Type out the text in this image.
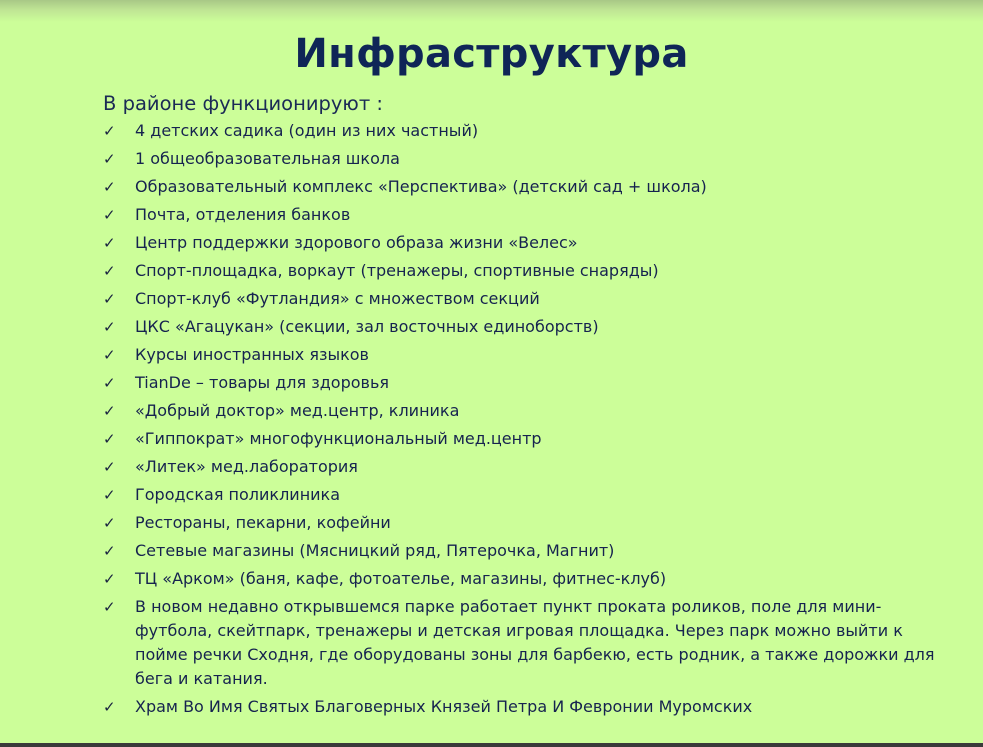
Инфраструктура
В районе функционируют :
✓ 4 детских садика (один из них частный)
✓ 1 общеобразовательная школа
✓ Образовательный комплекс «Перспектива» (детский сад + школа)
✓ Почта, отделения банков
✓ Центр поддержки здорового образа жизни «Велес»
✓ Спорт-площадка, воркаут (тренажеры, спортивные снаряды)
✓ Спорт-клуб «Футландия» с множеством секций
✓ ЦКС «Агацукан» (секции, зал восточных единоборств)
✓ Курсы иностранных языков
✓ TianDe – товары для здоровья
✓ «Добрый доктор» мед.центр, клиника
✓ «Гиппократ» многофункциональный мед.центр
✓ «Литек» мед.лаборатория
✓ Городская поликлиника
✓ Рестораны, пекарни, кофейни
✓ Сетевые магазины (Мясницкий ряд, Пятерочка, Магнит)
✓ ТЦ «Арком» (баня, кафе, фотоателье, магазины, фитнес-клуб)
✓ В новом недавно открывшемся парке работает пункт проката роликов, поле для мини-футбола, скейтпарк, тренажеры и детская игровая площадка. Через парк можно выйти к пойме речки Сходня, где оборудованы зоны для барбекю, есть родник, а также дорожки для бега и катания.
✓ Храм Во Имя Святых Благоверных Князей Петра И Февронии Муромских
